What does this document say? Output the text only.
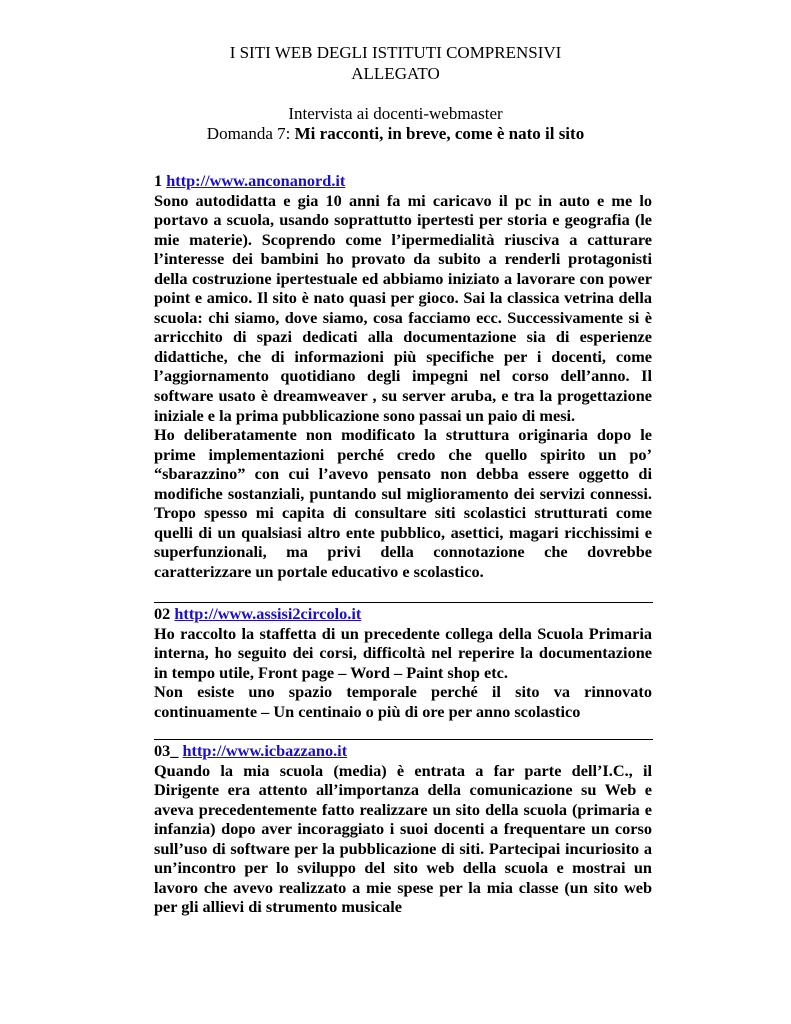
I SITI WEB DEGLI ISTITUTI COMPRENSIVI
ALLEGATO
Intervista ai docenti-webmaster
Domanda 7: Mi racconti, in breve, come è nato il sito
1 http://www.anconanord.it

Sono autodidatta e gia 10 anni fa mi caricavo il pc in auto e me lo portavo a scuola, usando soprattutto ipertesti per storia e geografia (le mie materie). Scoprendo come l’ipermedialità riusciva a catturare l’interesse dei bambini ho provato da subito a renderli protagonisti della costruzione ipertestuale ed abbiamo iniziato a lavorare con power point e amico. Il sito è nato quasi per gioco. Sai la classica vetrina della scuola: chi siamo, dove siamo, cosa facciamo ecc. Successivamente si è arricchito di spazi dedicati alla documentazione sia di esperienze didattiche, che di informazioni più specifiche per i docenti, come l’aggiornamento quotidiano degli impegni nel corso dell’anno. Il software usato è dreamweaver , su server aruba, e tra la progettazione iniziale e la prima pubblicazione sono passai un paio di mesi.

Ho deliberatamente non modificato la struttura originaria dopo le prime implementazioni perché credo che quello spirito un po’ “sbarazzino” con cui l’avevo pensato non debba essere oggetto di modifiche sostanziali, puntando sul miglioramento dei servizi connessi. Tropo spesso mi capita di consultare siti scolastici strutturati come quelli di un qualsiasi altro ente pubblico, asettici, magari ricchissimi e superfunzionali, ma privi della connotazione che dovrebbe caratterizzare un portale educativo e scolastico.

02 http://www.assisi2circolo.it

Ho raccolto la staffetta di un precedente collega della Scuola Primaria interna, ho seguito dei corsi, difficoltà nel reperire la documentazione in tempo utile, Front page – Word – Paint shop etc.

Non esiste uno spazio temporale perché il sito va rinnovato continuamente – Un centinaio o più di ore per anno scolastico

03_ http://www.icbazzano.it

Quando la mia scuola (media) è entrata a far parte dell’I.C., il Dirigente era attento all’importanza della comunicazione su Web e aveva precedentemente fatto realizzare un sito della scuola (primaria e infanzia) dopo aver incoraggiato i suoi docenti a frequentare un corso sull’uso di software per la pubblicazione di siti. Partecipai incuriosito a un’incontro per lo sviluppo del sito web della scuola e mostrai un lavoro che avevo realizzato a mie spese per la mia classe (un sito web per gli allievi di strumento musicale
